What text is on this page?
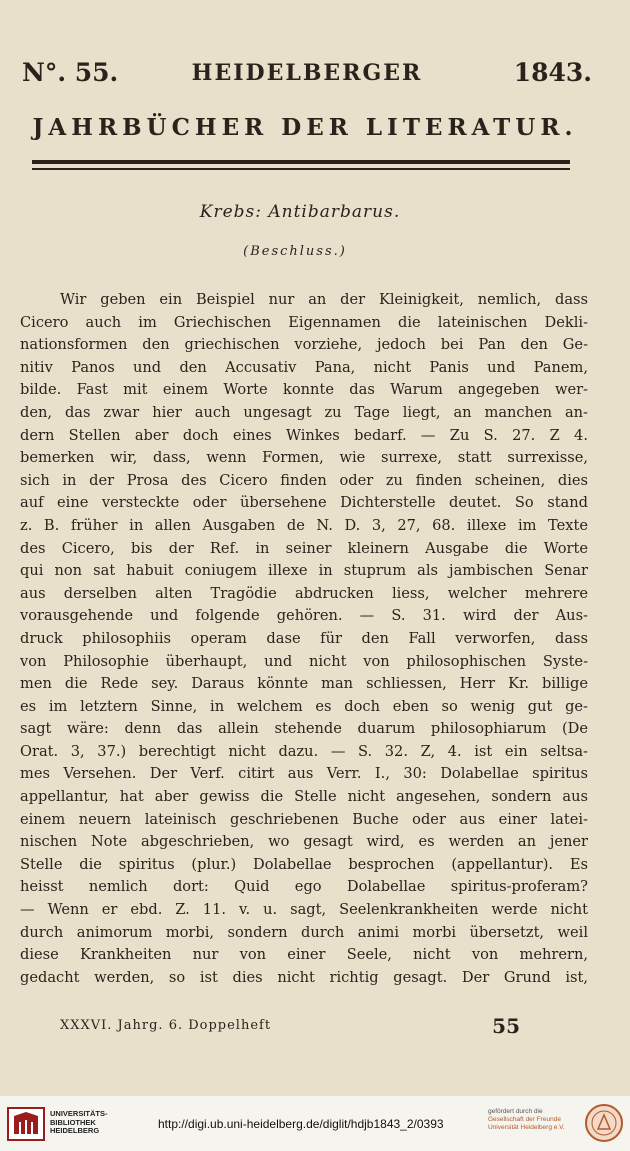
N°. 55.	HEIDELBERGER	1843.
JAHRBÜCHER DER LITERATUR.
Krebs: Antibarbarus.
(Beschluss.)
Wir geben ein Beispiel nur an der Kleinigkeit, nemlich, dass
Cicero auch im Griechischen Eigennamen die lateinischen Dekli-
nationsformen den griechischen vorziehe, jedoch bei Pan den Ge-
nitiv Panos und den Accusativ Pana, nicht Panis und Panem,
bilde. Fast mit einem Worte konnte das Warum angegeben wer-
den, das zwar hier auch ungesagt zu Tage liegt, an manchen an-
dern Stellen aber doch eines Winkes bedarf. — Zu S. 27. Z 4.
bemerken wir, dass, wenn Formen, wie surrexe, statt surrexisse,
sich in der Prosa des Cicero finden oder zu finden scheinen, dies
auf eine versteckte oder übersehene Dichterstelle deutet. So stand
z. B. früher in allen Ausgaben de N. D. 3, 27, 68. illexe im Texte
des Cicero, bis der Ref. in seiner kleinern Ausgabe die Worte
qui non sat habuit coniugem illexe in stuprum als jambischen Senar
aus derselben alten Tragödie abdrucken liess, welcher mehrere
vorausgehende und folgende gehören. — S. 31. wird der Aus-
druck philosophiis operam dase für den Fall verworfen, dass
von Philosophie überhaupt, und nicht von philosophischen Syste-
men die Rede sey. Daraus könnte man schliessen, Herr Kr. billige
es im letztern Sinne, in welchem es doch eben so wenig gut ge-
sagt wäre: denn das allein stehende duarum philosophiarum (De
Orat. 3, 37.) berechtigt nicht dazu. — S. 32. Z, 4. ist ein seltsa-
mes Versehen. Der Verf. citirt aus Verr. I., 30: Dolabellae spiritus
appellantur, hat aber gewiss die Stelle nicht angesehen, sondern aus
einem neuern lateinisch geschriebenen Buche oder aus einer latei-
nischen Note abgeschrieben, wo gesagt wird, es werden an jener
Stelle die spiritus (plur.) Dolabellae besprochen (appellantur). Es
heisst nemlich dort: Quid ego Dolabellae spiritus-proferam?
— Wenn er ebd. Z. 11. v. u. sagt, Seelenkrankheiten werde nicht
durch animorum morbi, sondern durch animi morbi übersetzt, weil
diese Krankheiten nur von einer Seele, nicht von mehrern,
gedacht werden, so ist dies nicht richtig gesagt. Der Grund ist,
XXXVI. Jahrg. 6. Doppelheft	55
UNIVERSITÄTS-
BIBLIOTHEK
HEIDELBERG	http://digi.ub.uni-heidelberg.de/diglit/hdjb1843_2/0393
gefördert durch die
Gesellschaft der Freunde
Universität Heidelberg e.V.
